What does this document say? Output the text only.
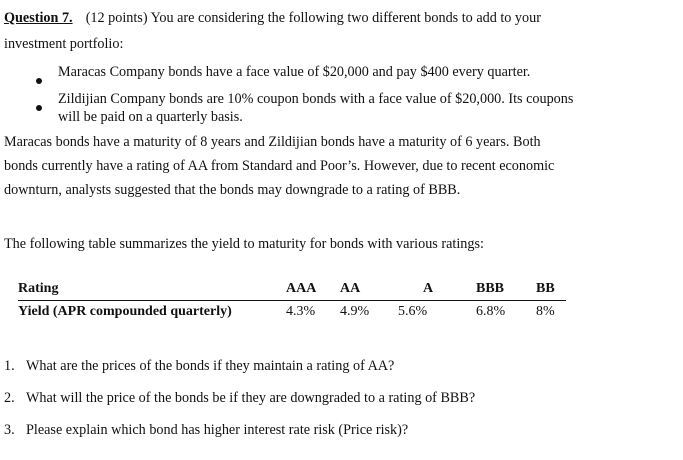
Question 7. (12 points) You are considering the following two different bonds to add to your
investment portfolio:
Maracas Company bonds have a face value of $20,000 and pay $400 every quarter.
Zildijian Company bonds are 10% coupon bonds with a face value of $20,000. Its coupons
will be paid on a quarterly basis.
Maracas bonds have a maturity of 8 years and Zildijian bonds have a maturity of 6 years. Both
bonds currently have a rating of AA from Standard and Poor’s. However, due to recent economic
downturn, analysts suggested that the bonds may downgrade to a rating of BBB.
The following table summarizes the yield to maturity for bonds with various ratings:
Rating	AAA	AA	A	BBB	BB
Yield (APR compounded quarterly)	4.3%	4.9%	5.6%	6.8%	8%
1. What are the prices of the bonds if they maintain a rating of AA?
2. What will the price of the bonds be if they are downgraded to a rating of BBB?
3. Please explain which bond has higher interest rate risk (Price risk)?
